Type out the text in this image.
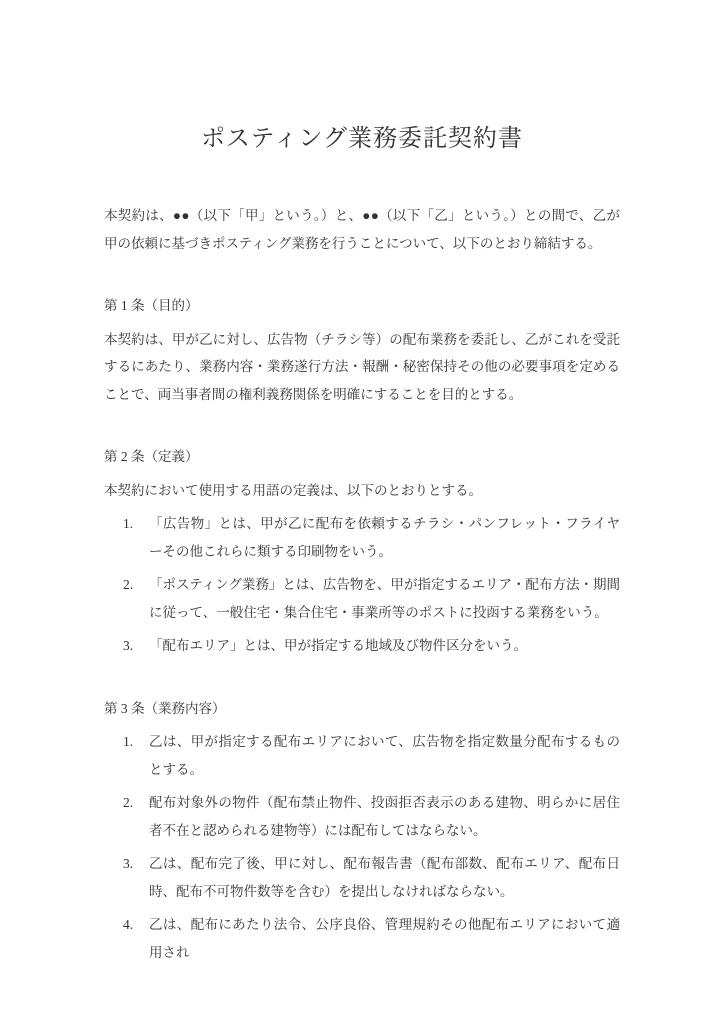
ポスティング業務委託契約書

本契約は、●●（以下「甲」という。）と、●●（以下「乙」という。）との間で、乙が甲の依頼に基づきポスティング業務を行うことについて、以下のとおり締結する。

第 1 条（目的）

本契約は、甲が乙に対し、広告物（チラシ等）の配布業務を委託し、乙がこれを受託するにあたり、業務内容・業務遂行方法・報酬・秘密保持その他の必要事項を定めることで、両当事者間の権利義務関係を明確にすることを目的とする。

第 2 条（定義）

本契約において使用する用語の定義は、以下のとおりとする。

1. 「広告物」とは、甲が乙に配布を依頼するチラシ・パンフレット・フライヤーその他これらに類する印刷物をいう。
2. 「ポスティング業務」とは、広告物を、甲が指定するエリア・配布方法・期間に従って、一般住宅・集合住宅・事業所等のポストに投函する業務をいう。
3. 「配布エリア」とは、甲が指定する地域及び物件区分をいう。

第 3 条（業務内容）

1. 乙は、甲が指定する配布エリアにおいて、広告物を指定数量分配布するものとする。
2. 配布対象外の物件（配布禁止物件、投函拒否表示のある建物、明らかに居住者不在と認められる建物等）には配布してはならない。
3. 乙は、配布完了後、甲に対し、配布報告書（配布部数、配布エリア、配布日時、配布不可物件数等を含む）を提出しなければならない。
4. 乙は、配布にあたり法令、公序良俗、管理規約その他配布エリアにおいて適用され
